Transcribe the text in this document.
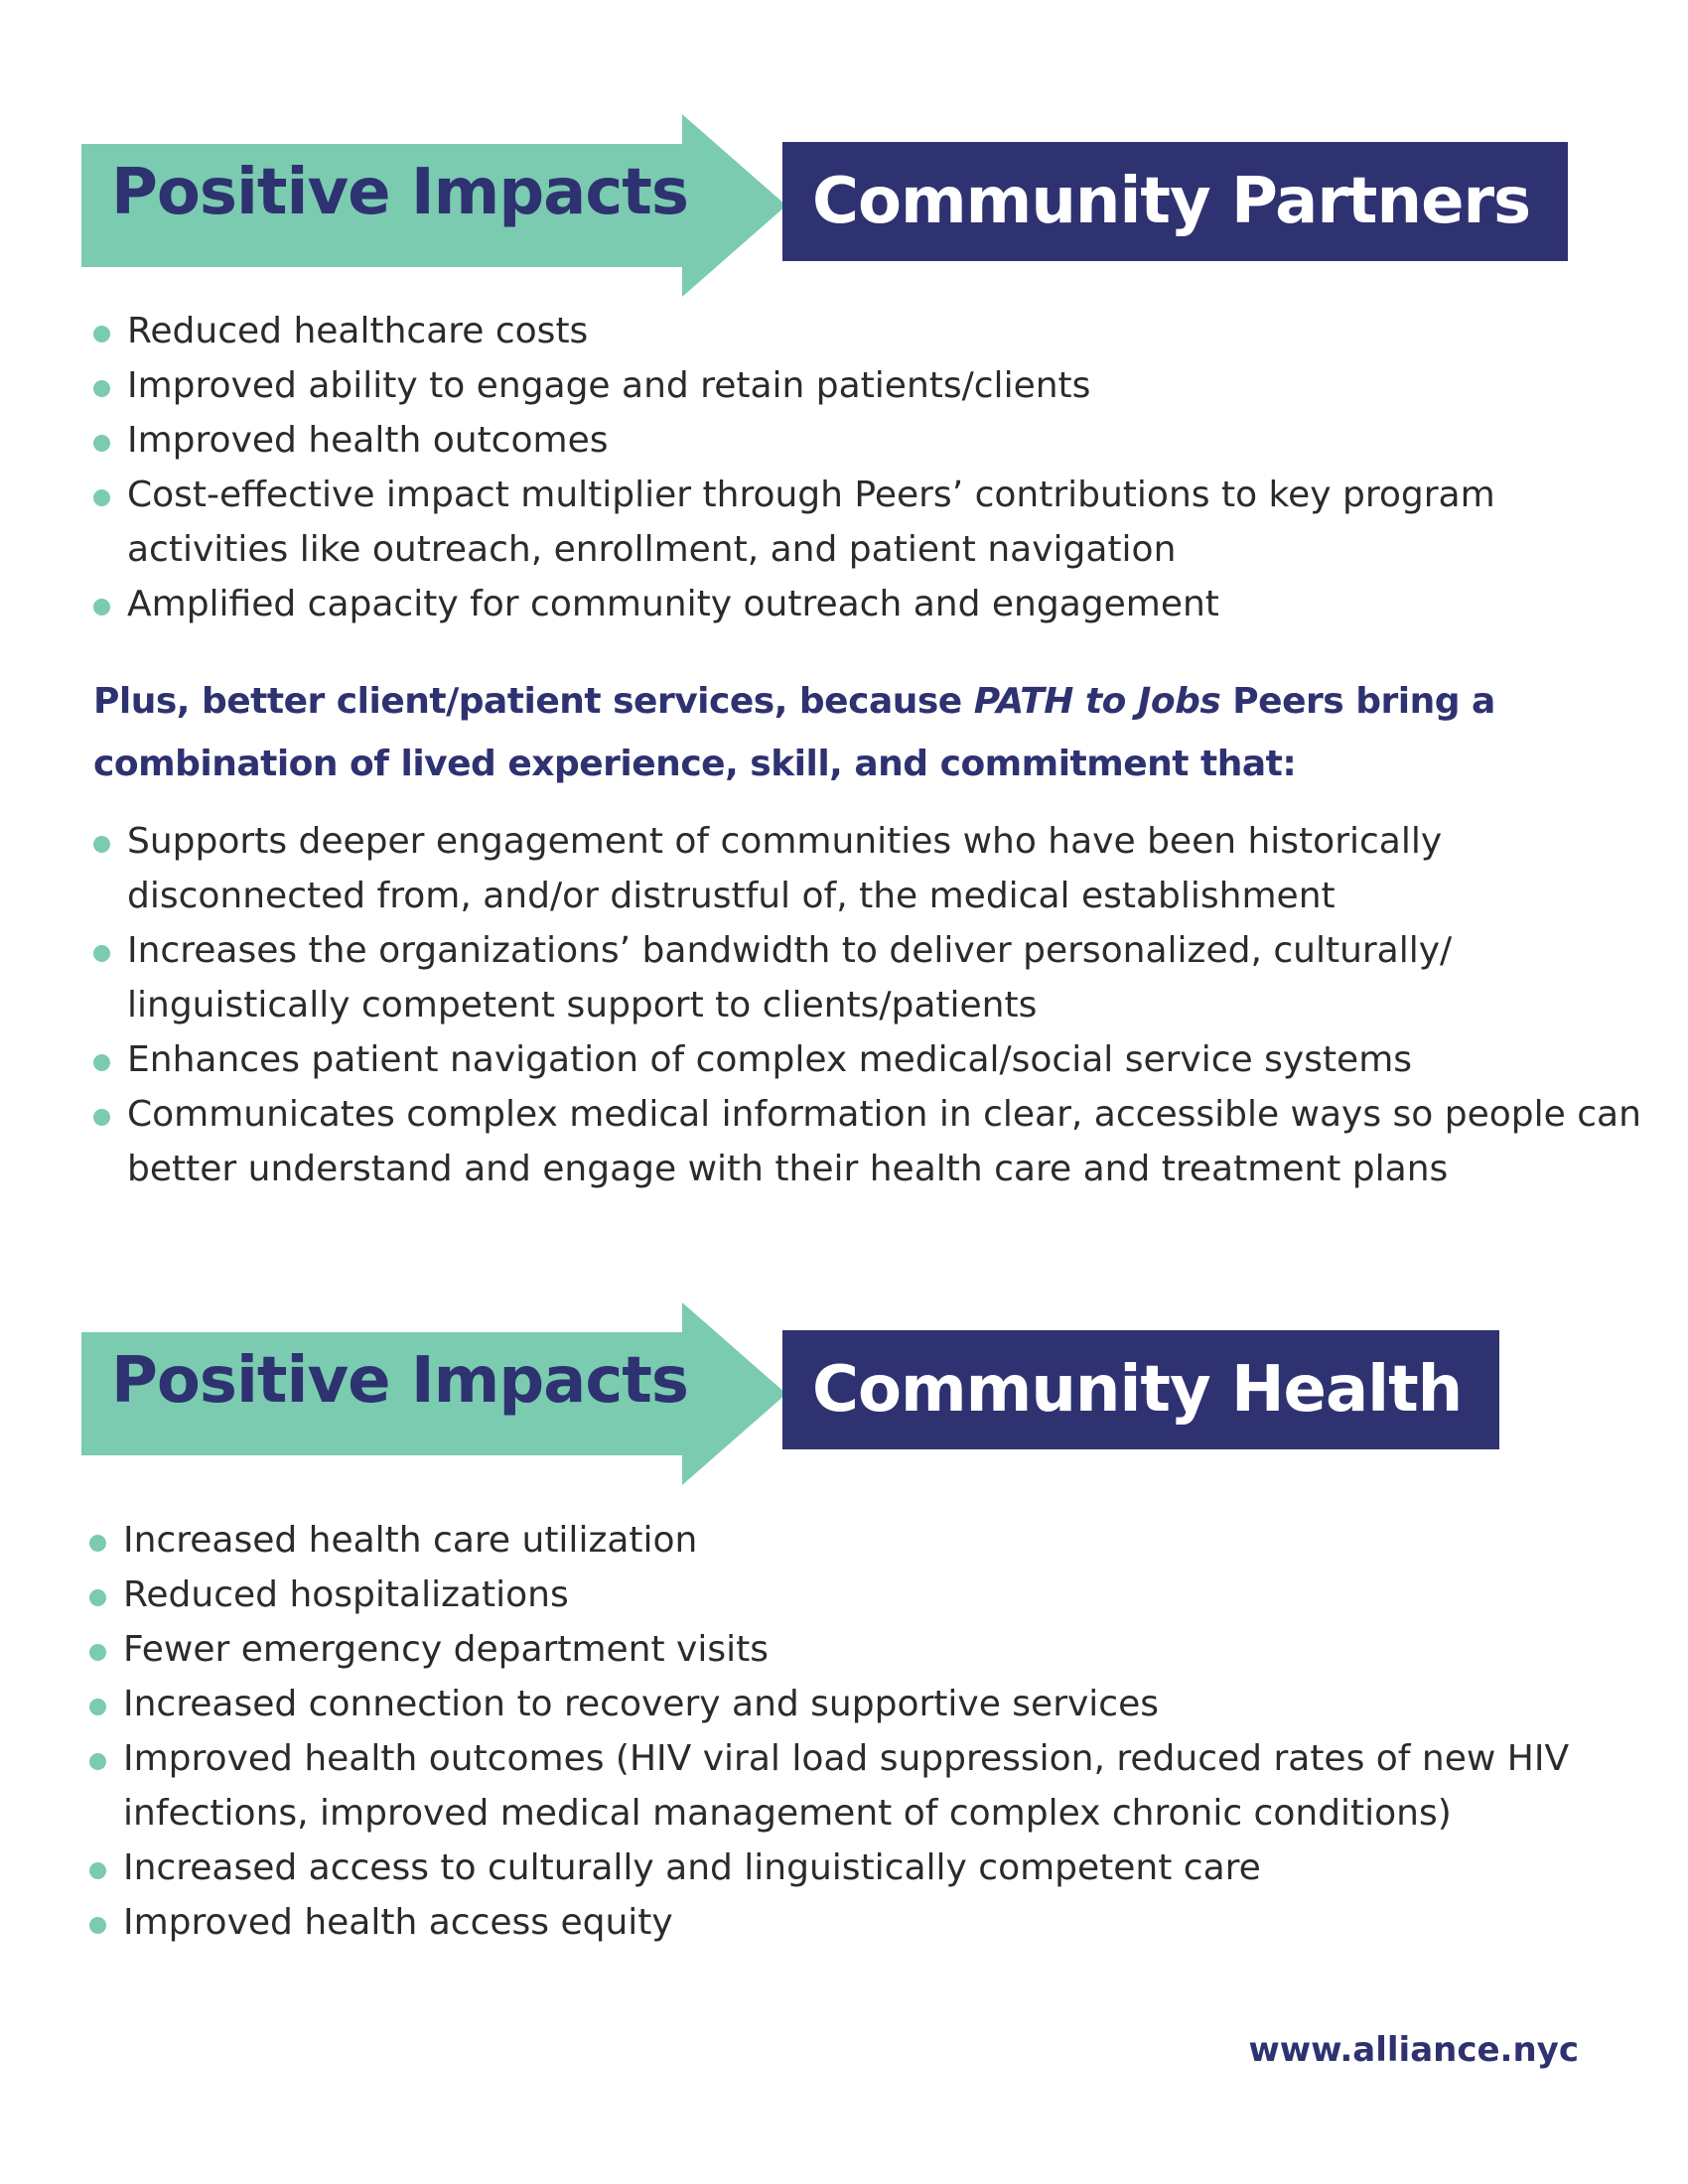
Positive Impacts Community Partners
Reduced healthcare costs
Improved ability to engage and retain patients/clients
Improved health outcomes
Cost-effective impact multiplier through Peers’ contributions to key program activities like outreach, enrollment, and patient navigation
Amplified capacity for community outreach and engagement
Plus, better client/patient services, because PATH to Jobs Peers bring a combination of lived experience, skill, and commitment that:
Supports deeper engagement of communities who have been historically disconnected from, and/or distrustful of, the medical establishment
Increases the organizations’ bandwidth to deliver personalized, culturally/ linguistically competent support to clients/patients
Enhances patient navigation of complex medical/social service systems
Communicates complex medical information in clear, accessible ways so people can better understand and engage with their health care and treatment plans
Positive Impacts Community Health
Increased health care utilization
Reduced hospitalizations
Fewer emergency department visits
Increased connection to recovery and supportive services
Improved health outcomes (HIV viral load suppression, reduced rates of new HIV infections, improved medical management of complex chronic conditions)
Increased access to culturally and linguistically competent care
Improved health access equity
www.alliance.nyc
